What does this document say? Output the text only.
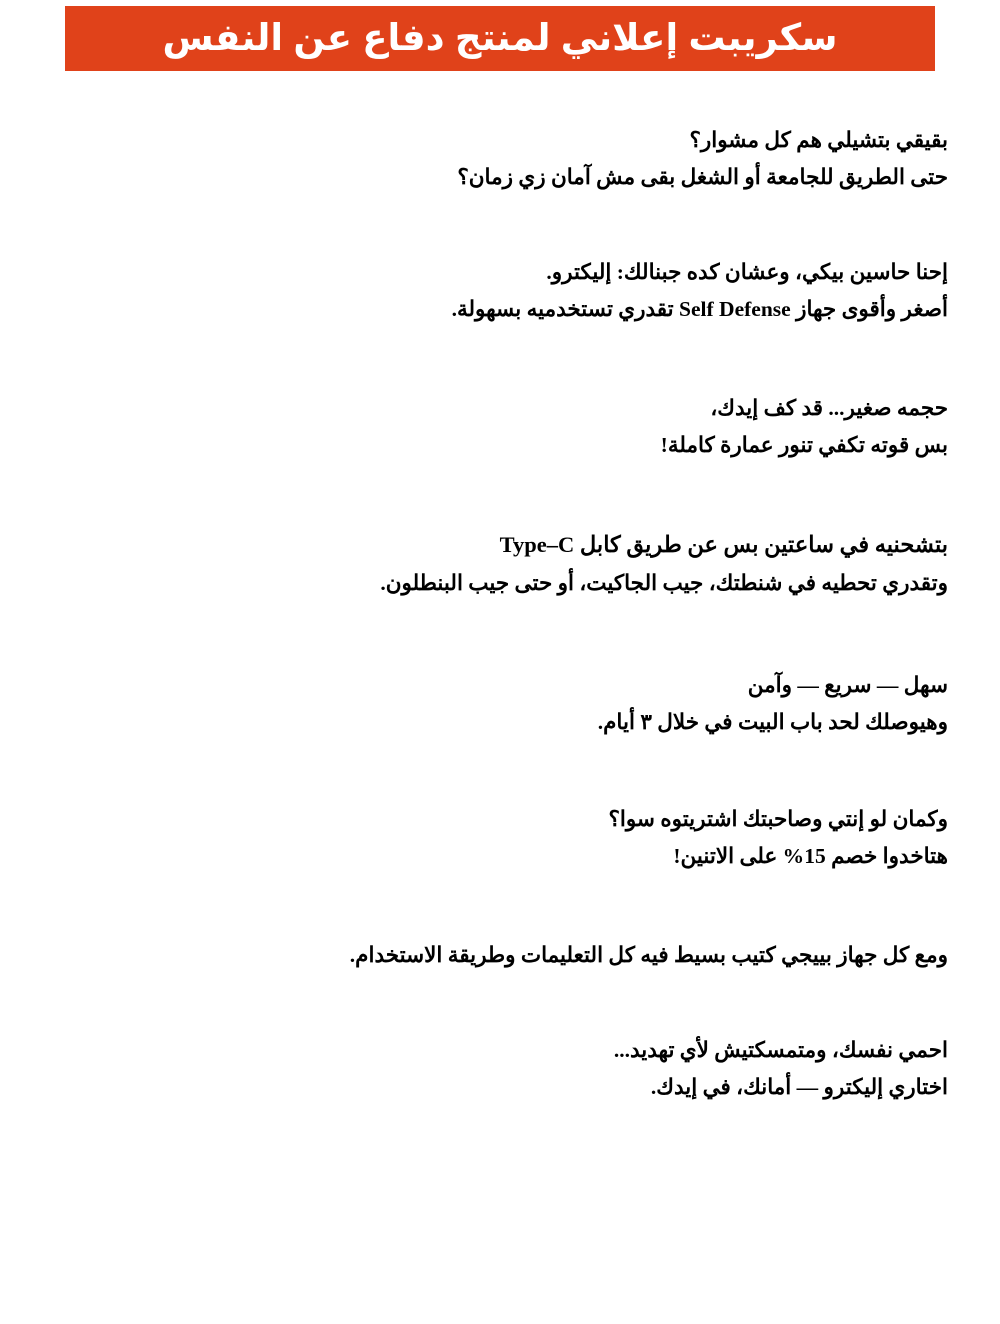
سكريبت إعلاني لمنتج دفاع عن النفس
بقيقي بتشيلي هم كل مشوار؟
حتى الطريق للجامعة أو الشغل بقى مش آمان زي زمان؟
إحنا حاسين بيكي، وعشان كده جبنالك: إليكترو.
أصغر وأقوى جهاز Self Defense تقدري تستخدميه بسهولة.
حجمه صغير... قد كف إيدك،
بس قوته تكفي تنور عمارة كاملة!
بتشحنيه في ساعتين بس عن طريق كابل Type–C
وتقدري تحطيه في شنطتك، جيب الجاكيت، أو حتى جيب البنطلون.
سهل — سريع — وآمن
وهيوصلك لحد باب البيت في خلال ٣ أيام.
وكمان لو إنتي وصاحبتك اشتريتوه سوا؟
هتاخدوا خصم 15% على الاتنين!
ومع كل جهاز بييجي كتيب بسيط فيه كل التعليمات وطريقة الاستخدام.
احمي نفسك، ومتمسكتيش لأي تهديد...
اختاري إليكترو — أمانك، في إيدك.
